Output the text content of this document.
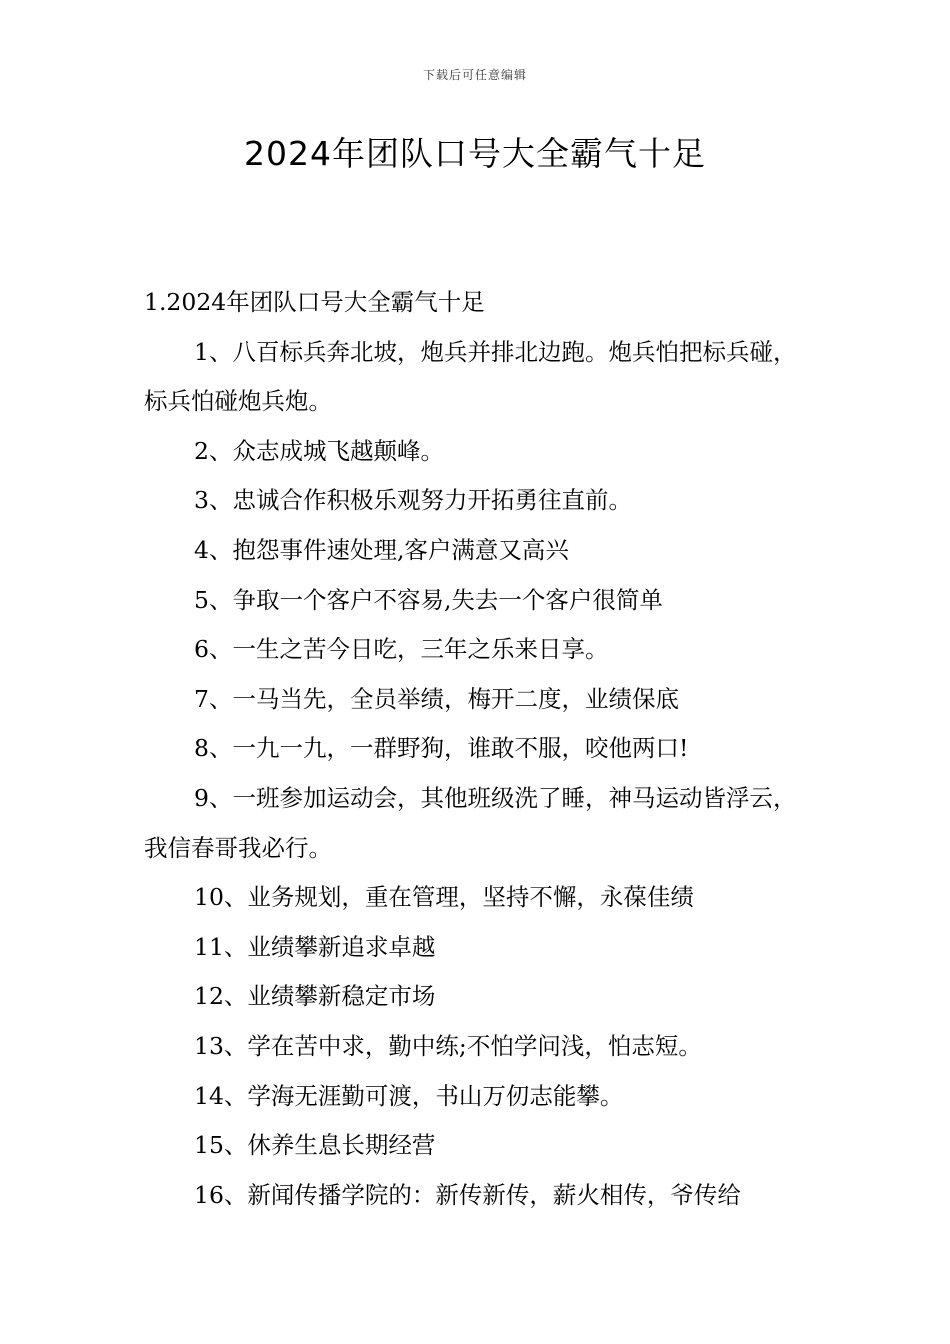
下载后可任意编辑
2024年团队口号大全霸气十足

1.2024年团队口号大全霸气十足

1、八百标兵奔北坡，炮兵并排北边跑。炮兵怕把标兵碰，标兵怕碰炮兵炮。

2、众志成城飞越颠峰。

3、忠诚合作积极乐观努力开拓勇往直前。

4、抱怨事件速处理,客户满意又高兴

5、争取一个客户不容易,失去一个客户很简单

6、一生之苦今日吃，三年之乐来日享。

7、一马当先，全员举绩，梅开二度，业绩保底

8、一九一九，一群野狗，谁敢不服，咬他两口!

9、一班参加运动会，其他班级洗了睡，神马运动皆浮云，我信春哥我必行。

10、业务规划，重在管理，坚持不懈，永葆佳绩

11、业绩攀新追求卓越

12、业绩攀新稳定市场

13、学在苦中求，勤中练;不怕学问浅，怕志短。

14、学海无涯勤可渡，书山万仞志能攀。

15、休养生息长期经营

16、新闻传播学院的：新传新传，薪火相传，爷传给
